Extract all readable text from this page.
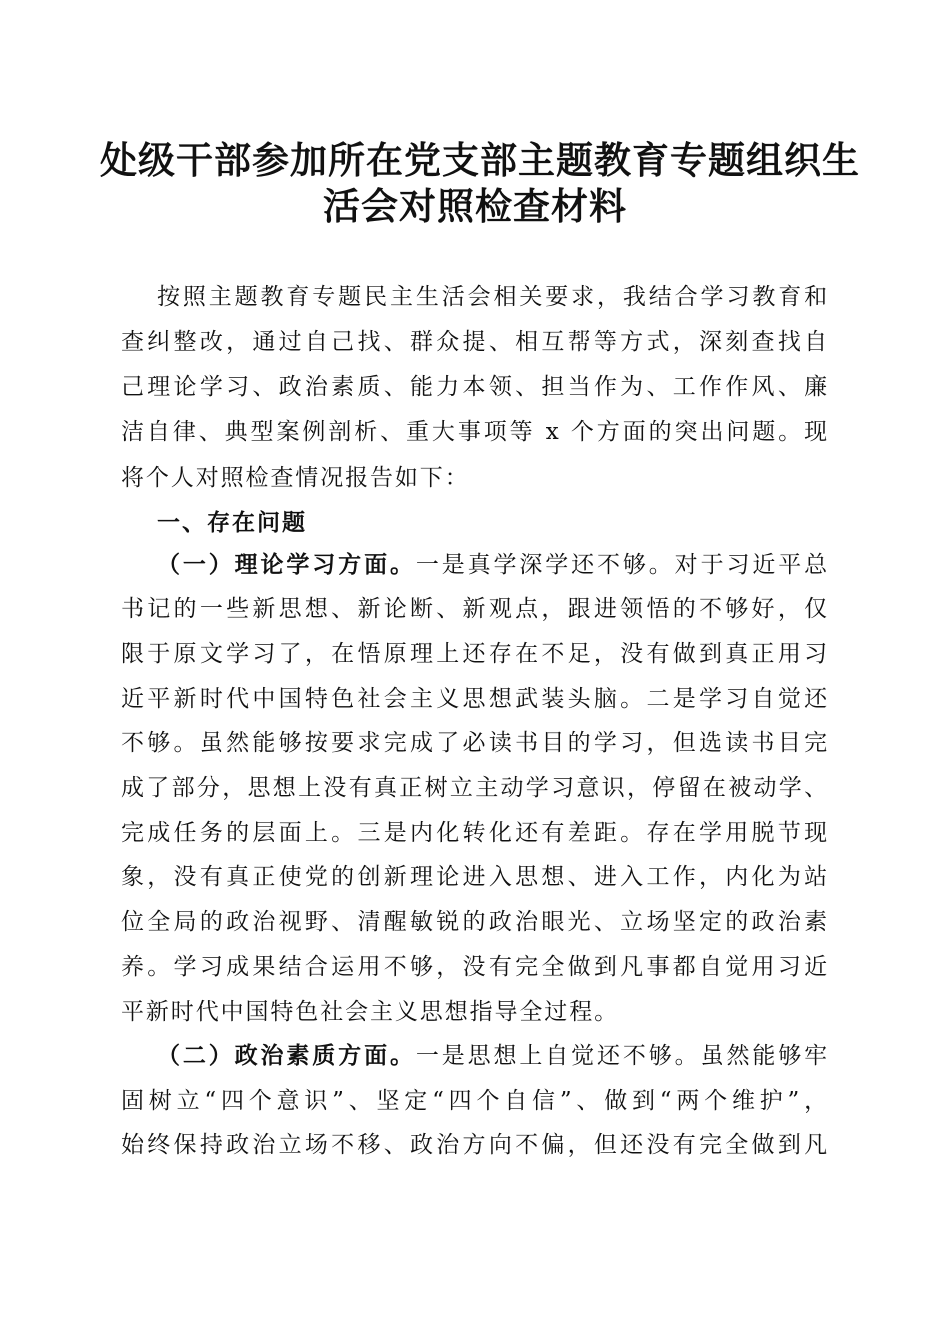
处级干部参加所在党支部主题教育专题组织生
活会对照检查材料
按照主题教育专题民主生活会相关要求，我结合学习教育和
查纠整改，通过自己找、群众提、相互帮等方式，深刻查找自
己理论学习、政治素质、能力本领、担当作为、工作作风、廉
洁自律、典型案例剖析、重大事项等 x 个方面的突出问题。现
将个人对照检查情况报告如下：
一、存在问题
（一）理论学习方面。一是真学深学还不够。对于习近平总
书记的一些新思想、新论断、新观点，跟进领悟的不够好，仅
限于原文学习了，在悟原理上还存在不足，没有做到真正用习
近平新时代中国特色社会主义思想武装头脑。二是学习自觉还
不够。虽然能够按要求完成了必读书目的学习，但选读书目完
成了部分，思想上没有真正树立主动学习意识，停留在被动学、
完成任务的层面上。三是内化转化还有差距。存在学用脱节现
象，没有真正使党的创新理论进入思想、进入工作，内化为站
位全局的政治视野、清醒敏锐的政治眼光、立场坚定的政治素
养。学习成果结合运用不够，没有完全做到凡事都自觉用习近
平新时代中国特色社会主义思想指导全过程。
（二）政治素质方面。一是思想上自觉还不够。虽然能够牢
固树立“四个意识”、坚定“四个自信”、做到“两个维护”，
始终保持政治立场不移、政治方向不偏，但还没有完全做到凡
